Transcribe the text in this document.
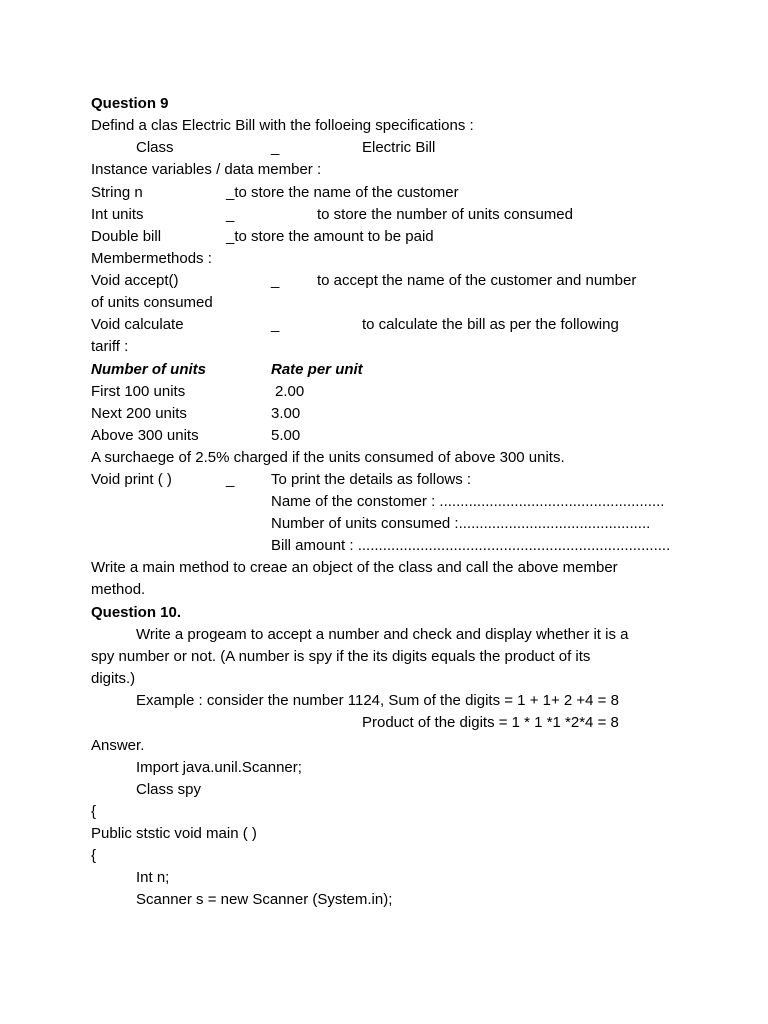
Question 9
Defind a clas Electric Bill with the folloeing specifications :
Class	_	Electric Bill
Instance variables / data member :
String n	_to store the name of the customer
Int units	_	to store the number of units consumed
Double bill	_to store the amount to be paid
Membermethods :
Void accept()	_	to accept the name of the customer and number
of units consumed
Void calculate	_	to calculate the bill as per the following
tariff :
Number of units	Rate per unit
First 100 units	2.00
Next 200 units	3.00
Above 300 units	5.00
A surchaege of 2.5% charged if the units consumed of above 300 units.
Void print ( )	_ To print the details as follows :
Name of the constomer : ......................................................
Number of units consumed :..............................................
Bill amount : ...........................................................................
Write a main method to creae an object of the class and call the above member
method.
Question 10.
Write a progeam to accept a number and check and display whether it is a
spy number or not. (A number is spy if the its digits equals the product of its
digits.)
Example : consider the number 1124, Sum of the digits = 1 + 1+ 2 +4 = 8
Product of the digits = 1 * 1 *1 *2*4 = 8
Answer.
Import java.unil.Scanner;
Class spy
{
Public ststic void main ( )
{
Int n;
Scanner s = new Scanner (System.in);
